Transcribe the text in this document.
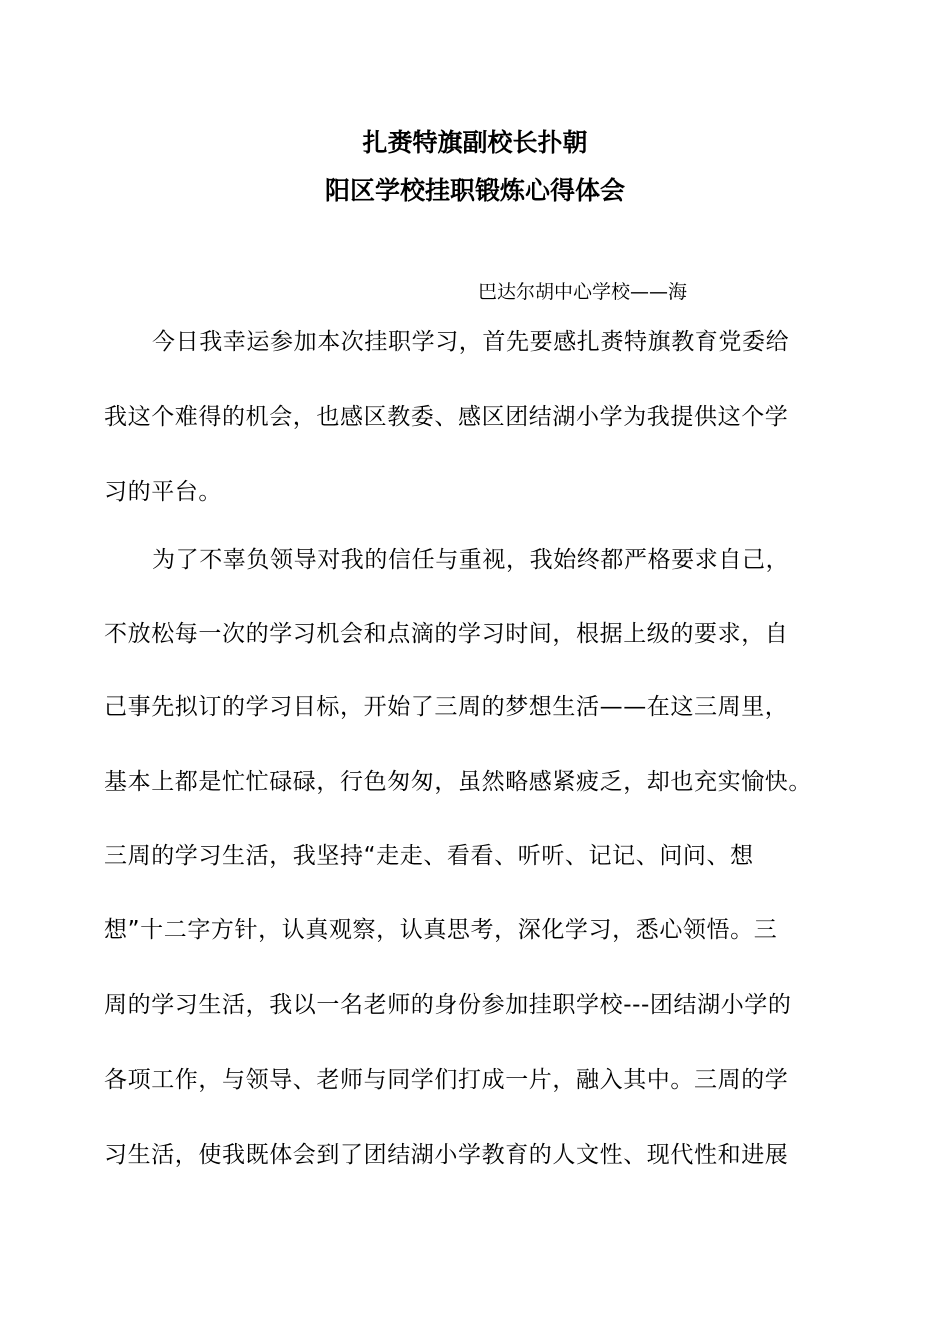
扎赉特旗副校长扑朝
阳区学校挂职锻炼心得体会
巴达尔胡中心学校——海
今日我幸运参加本次挂职学习，首先要感扎赉特旗教育党委给
我这个难得的机会，也感区教委、感区团结湖小学为我提供这个学
习的平台。
为了不辜负领导对我的信任与重视，我始终都严格要求自己，
不放松每一次的学习机会和点滴的学习时间，根据上级的要求，自
己事先拟订的学习目标，开始了三周的梦想生活——在这三周里，
基本上都是忙忙碌碌，行色匆匆，虽然略感紧疲乏，却也充实愉快。
三周的学习生活，我坚持“走走、看看、听听、记记、问问、想
想”十二字方针，认真观察，认真思考，深化学习，悉心领悟。三
周的学习生活，我以一名老师的身份参加挂职学校---团结湖小学的
各项工作，与领导、老师与同学们打成一片，融入其中。三周的学
习生活，使我既体会到了团结湖小学教育的人文性、现代性和进展
